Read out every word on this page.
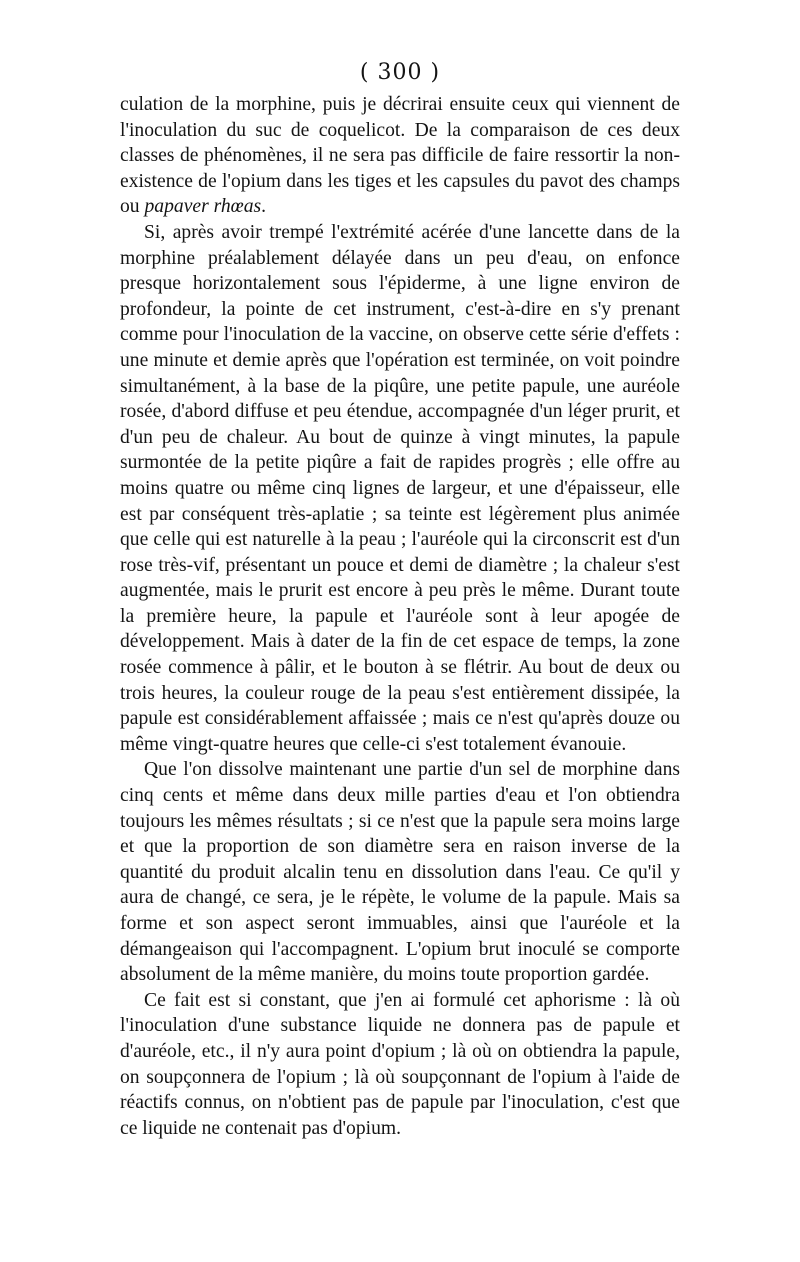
( 300 )

culation de la morphine, puis je décrirai ensuite ceux qui viennent de l'inoculation du suc de coquelicot. De la comparaison de ces deux classes de phénomènes, il ne sera pas difficile de faire ressortir la non-existence de l'opium dans les tiges et les capsules du pavot des champs ou papaver rhœas.

Si, après avoir trempé l'extrémité acérée d'une lancette dans de la morphine préalablement délayée dans un peu d'eau, on enfonce presque horizontalement sous l'épiderme, à une ligne environ de profondeur, la pointe de cet instrument, c'est-à-dire en s'y prenant comme pour l'inoculation de la vaccine, on observe cette série d'effets : une minute et demie après que l'opération est terminée, on voit poindre simultanément, à la base de la piqûre, une petite papule, une auréole rosée, d'abord diffuse et peu étendue, accompagnée d'un léger prurit, et d'un peu de chaleur. Au bout de quinze à vingt minutes, la papule surmontée de la petite piqûre a fait de rapides progrès ; elle offre au moins quatre ou même cinq lignes de largeur, et une d'épaisseur, elle est par conséquent très-aplatie ; sa teinte est légèrement plus animée que celle qui est naturelle à la peau ; l'auréole qui la circonscrit est d'un rose très-vif, présentant un pouce et demi de diamètre ; la chaleur s'est augmentée, mais le prurit est encore à peu près le même. Durant toute la première heure, la papule et l'auréole sont à leur apogée de développement. Mais à dater de la fin de cet espace de temps, la zone rosée commence à pâlir, et le bouton à se flétrir. Au bout de deux ou trois heures, la couleur rouge de la peau s'est entièrement dissipée, la papule est considérablement affaissée ; mais ce n'est qu'après douze ou même vingt-quatre heures que celle-ci s'est totalement évanouie.

Que l'on dissolve maintenant une partie d'un sel de morphine dans cinq cents et même dans deux mille parties d'eau et l'on obtiendra toujours les mêmes résultats ; si ce n'est que la papule sera moins large et que la proportion de son diamètre sera en raison inverse de la quantité du produit alcalin tenu en dissolution dans l'eau. Ce qu'il y aura de changé, ce sera, je le répète, le volume de la papule. Mais sa forme et son aspect seront immuables, ainsi que l'auréole et la démangeaison qui l'accompagnent. L'opium brut inoculé se comporte absolument de la même manière, du moins toute proportion gardée.

Ce fait est si constant, que j'en ai formulé cet aphorisme : là où l'inoculation d'une substance liquide ne donnera pas de papule et d'auréole, etc., il n'y aura point d'opium ; là où on obtiendra la papule, on soupçonnera de l'opium ; là où soupçonnant de l'opium à l'aide de réactifs connus, on n'obtient pas de papule par l'inoculation, c'est que ce liquide ne contenait pas d'opium.
